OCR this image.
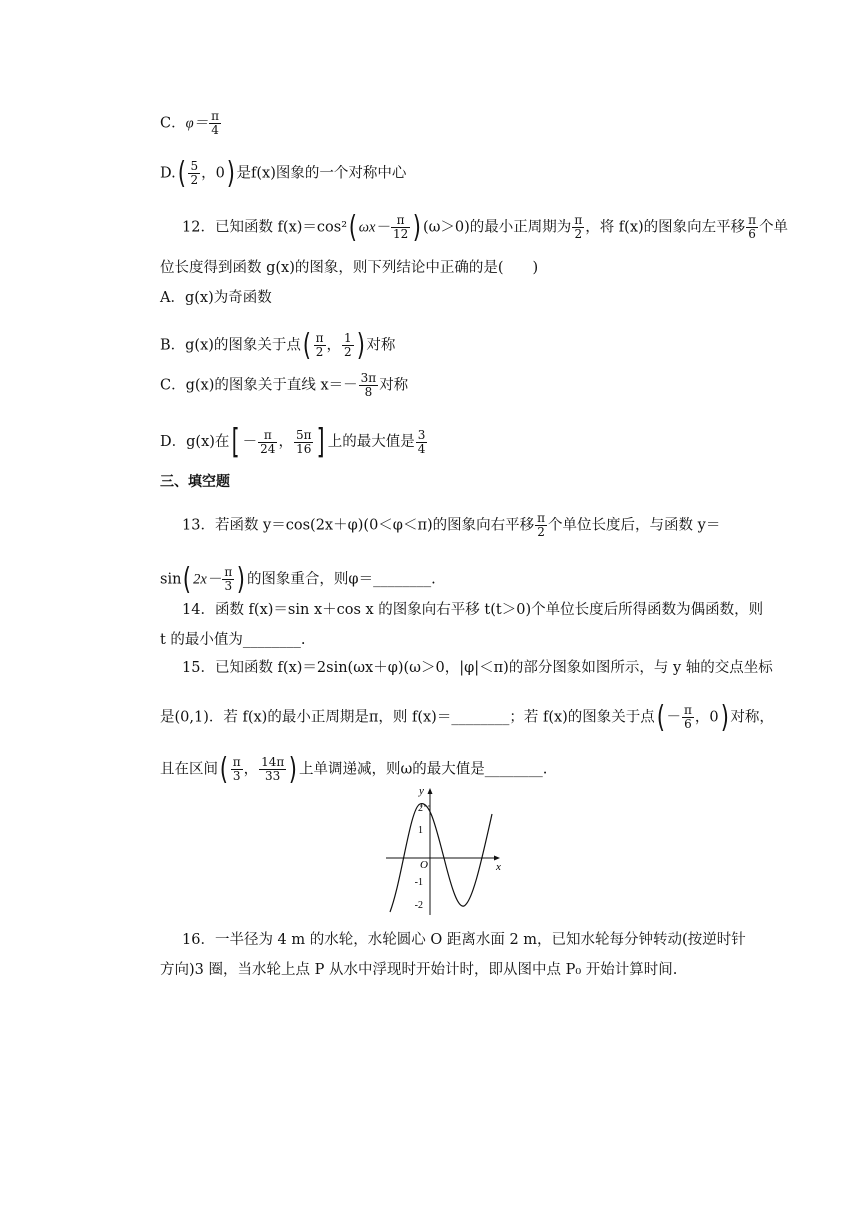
C．$\varphi= \frac{\pi}{4}$
$D.( \frac{5}{2}$ ，0) 是f(x)图象的一个对称中心
12．已知函数 f(x)＝cos²( $\omega x- \frac{\pi}{12}$ ) (ω＞0)的最小正周期为 $\frac{\pi}{2}$ ，将 f(x)的图象向左平移 $\frac{\pi}{6}$ 个单
位长度得到函数 g(x)的图象，则下列结论中正确的是(　　)
A．g(x)为奇函数
B．g(x)的图象关于点( $\frac{\pi}{2}$ ， $\frac{1}{2}$ ) 对称
C．g(x)的图象关于直线 $x=- \frac{3\pi}{8}$ 对称
D．g(x)在[ － $\frac{\pi}{24}$ ， $\frac{5\pi}{16}$ ] 上的最大值是 $\frac{3}{4}$
三、填空题
13．若函数 y＝cos(2x＋φ)(0＜φ＜π)的图象向右平移 $\frac{\pi}{2}$ 个单位长度后，与函数 y＝
sin( $2x- \frac{\pi}{3}$ ) 的图象重合，则φ＝________.
14．函数 f(x)＝sin x＋cos x 的图象向右平移 t(t＞0)个单位长度后所得函数为偶函数，则
t 的最小值为________.
15．已知函数 f(x)＝2sin(ωx＋φ)(ω＞0，|φ|＜π)的部分图象如图所示，与 y 轴的交点坐标
是(0,1)．若 f(x)的最小正周期是π，则 f(x)＝________；若 f(x)的图象关于点( － $\frac{\pi}{6}$ ，0) 对称，
且在区间( $\frac{\pi}{3}$ ， $\frac{14\pi}{33}$ ) 上单调递减，则ω的最大值是________.
y
x
O
2
1
-1
-2
16．一半径为 4 m 的水轮，水轮圆心 O 距离水面 2 m，已知水轮每分钟转动(按逆时针
方向)3 圈，当水轮上点 P 从水中浮现时开始计时，即从图中点 P₀ 开始计算时间.
